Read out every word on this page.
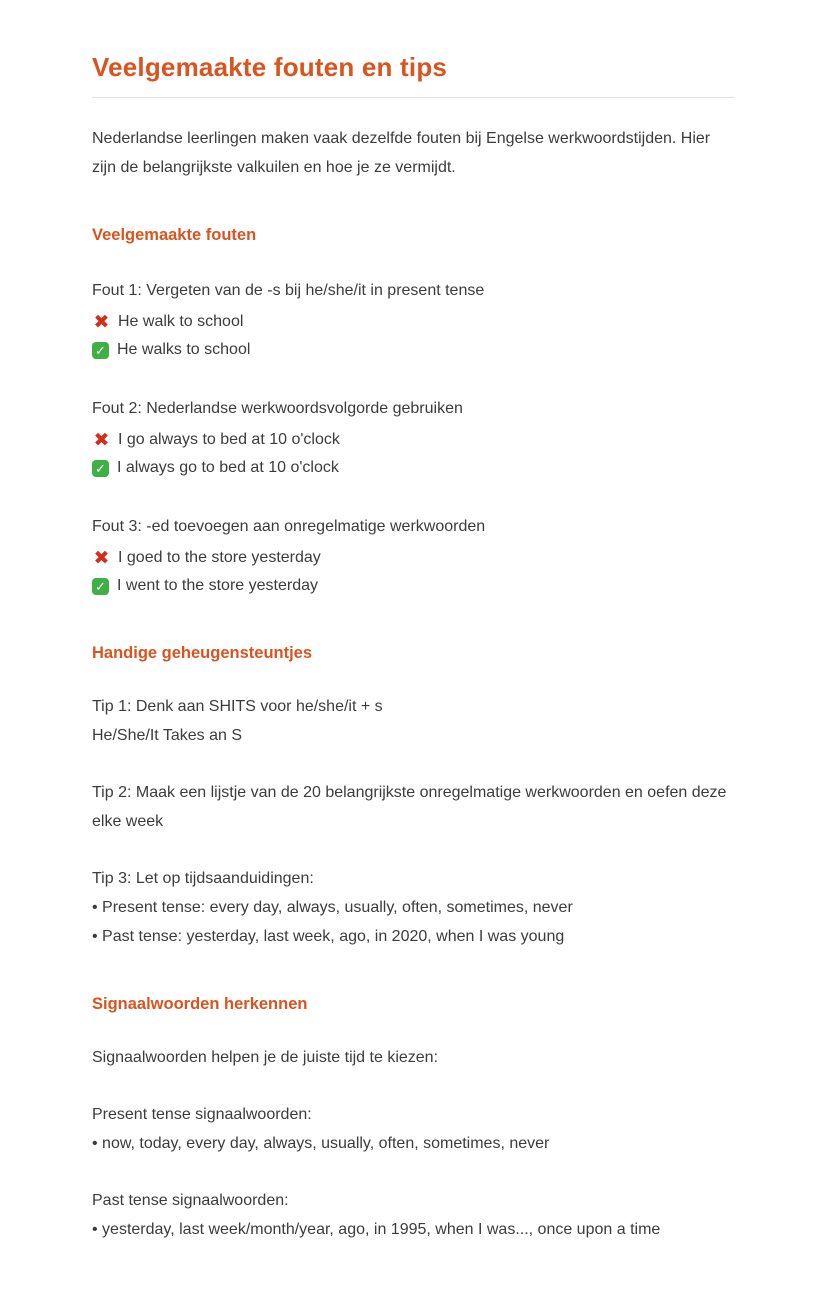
Veelgemaakte fouten en tips

Nederlandse leerlingen maken vaak dezelfde fouten bij Engelse werkwoordstijden. Hier zijn de belangrijkste valkuilen en hoe je ze vermijdt.

Veelgemaakte fouten

Fout 1: Vergeten van de -s bij he/she/it in present tense

✖ He walk to school
✓ He walks to school

Fout 2: Nederlandse werkwoordsvolgorde gebruiken

✖ I go always to bed at 10 o'clock
✓ I always go to bed at 10 o'clock

Fout 3: -ed toevoegen aan onregelmatige werkwoorden

✖ I goed to the store yesterday
✓ I went to the store yesterday
Handige geheugensteuntjes
Tip 1: Denk aan SHITS voor he/she/it + s
He/She/It Takes an S
Tip 2: Maak een lijstje van de 20 belangrijkste onregelmatige werkwoorden en oefen deze elke week
Tip 3: Let op tijdsaanduidingen:
• Present tense: every day, always, usually, often, sometimes, never
• Past tense: yesterday, last week, ago, in 2020, when I was young
Signaalwoorden herkennen
Signaalwoorden helpen je de juiste tijd te kiezen:
Present tense signaalwoorden:
• now, today, every day, always, usually, often, sometimes, never
Past tense signaalwoorden:
• yesterday, last week/month/year, ago, in 1995, when I was..., once upon a time
